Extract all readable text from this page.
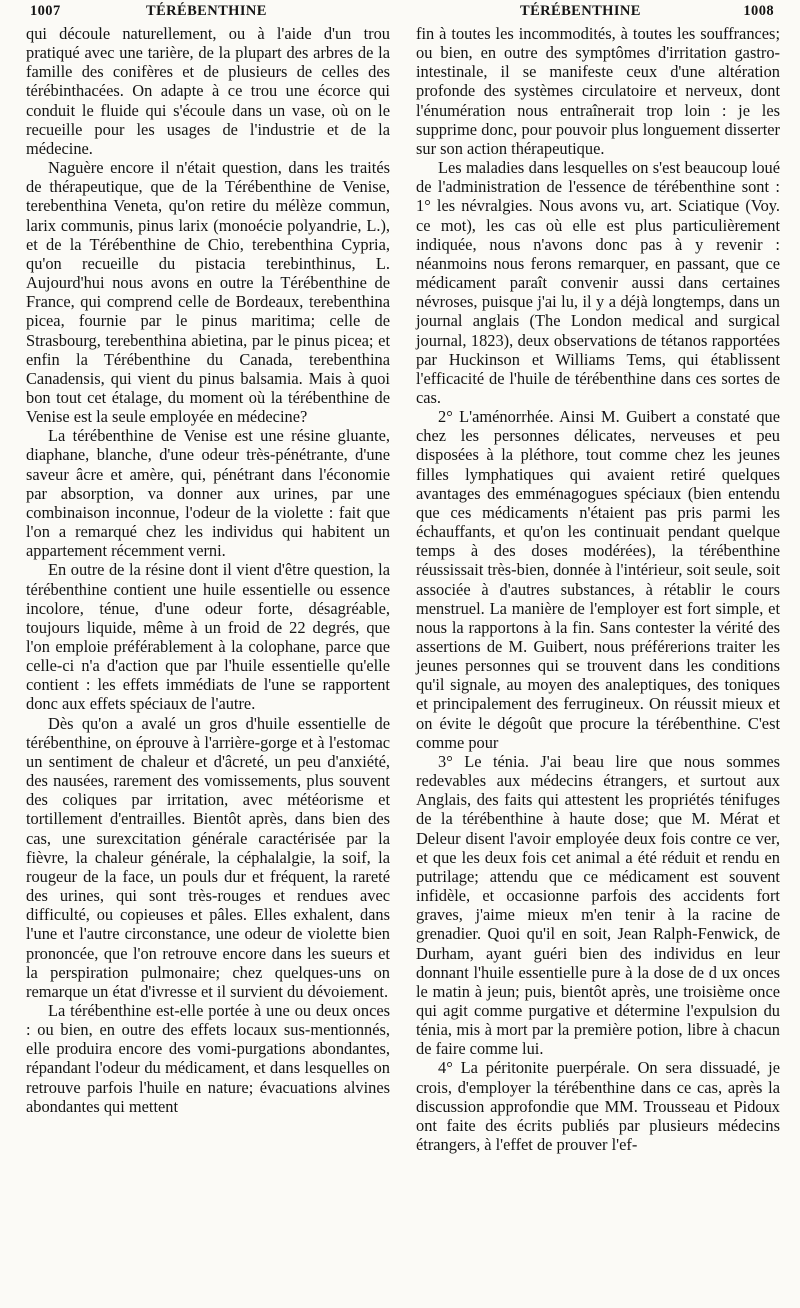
1007	TÉRÉBENTHINE	TÉRÉBENTHINE	1008

qui découle naturellement, ou à l'aide d'un trou pratiqué avec une tarière, de la plupart des arbres de la famille des conifères et de plusieurs de celles des térébinthacées. On adapte à ce trou une écorce qui conduit le fluide qui s'écoule dans un vase, où on le recueille pour les usages de l'industrie et de la médecine.

Naguère encore il n'était question, dans les traités de thérapeutique, que de la Térébenthine de Venise, terebenthina Veneta, qu'on retire du mélèze commun, larix communis, pinus larix (monoécie polyandrie, L.), et de la Térébenthine de Chio, terebenthina Cypria, qu'on recueille du pistacia terebinthinus, L. Aujourd'hui nous avons en outre la Térébenthine de France, qui comprend celle de Bordeaux, terebenthina picea, fournie par le pinus maritima; celle de Strasbourg, terebenthina abietina, par le pinus picea; et enfin la Térébenthine du Canada, terebenthina Canadensis, qui vient du pinus balsamia. Mais à quoi bon tout cet étalage, du moment où la térébenthine de Venise est la seule employée en médecine?

La térébenthine de Venise est une résine gluante, diaphane, blanche, d'une odeur très-pénétrante, d'une saveur âcre et amère, qui, pénétrant dans l'économie par absorption, va donner aux urines, par une combinaison inconnue, l'odeur de la violette : fait que l'on a remarqué chez les individus qui habitent un appartement récemment verni.

En outre de la résine dont il vient d'être question, la térébenthine contient une huile essentielle ou essence incolore, ténue, d'une odeur forte, désagréable, toujours liquide, même à un froid de 22 degrés, que l'on emploie préférablement à la colophane, parce que celle-ci n'a d'action que par l'huile essentielle qu'elle contient : les effets immédiats de l'une se rapportent donc aux effets spéciaux de l'autre.

Dès qu'on a avalé un gros d'huile essentielle de térébenthine, on éprouve à l'arrière-gorge et à l'estomac un sentiment de chaleur et d'âcreté, un peu d'anxiété, des nausées, rarement des vomissements, plus souvent des coliques par irritation, avec météorisme et tortillement d'entrailles. Bientôt après, dans bien des cas, une surexcitation générale caractérisée par la fièvre, la chaleur générale, la céphalalgie, la soif, la rougeur de la face, un pouls dur et fréquent, la rareté des urines, qui sont très-rouges et rendues avec difficulté, ou copieuses et pâles. Elles exhalent, dans l'une et l'autre circonstance, une odeur de violette bien prononcée, que l'on retrouve encore dans les sueurs et la perspiration pulmonaire; chez quelques-uns on remarque un état d'ivresse et il survient du dévoiement.

La térébenthine est-elle portée à une ou deux onces : ou bien, en outre des effets locaux sus-mentionnés, elle produira encore des vomi-purgations abondantes, répandant l'odeur du médicament, et dans lesquelles on retrouve parfois l'huile en nature; évacuations alvines abondantes qui mettent

fin à toutes les incommodités, à toutes les souffrances; ou bien, en outre des symptômes d'irritation gastro-intestinale, il se manifeste ceux d'une altération profonde des systèmes circulatoire et nerveux, dont l'énumération nous entraînerait trop loin : je les supprime donc, pour pouvoir plus longuement disserter sur son action thérapeutique.

Les maladies dans lesquelles on s'est beaucoup loué de l'administration de l'essence de térébenthine sont : 1° les névralgies. Nous avons vu, art. Sciatique (Voy. ce mot), les cas où elle est plus particulièrement indiquée, nous n'avons donc pas à y revenir : néanmoins nous ferons remarquer, en passant, que ce médicament paraît convenir aussi dans certaines névroses, puisque j'ai lu, il y a déjà longtemps, dans un journal anglais (The London medical and surgical journal, 1823), deux observations de tétanos rapportées par Huckinson et Williams Tems, qui établissent l'efficacité de l'huile de térébenthine dans ces sortes de cas.

2° L'aménorrhée. Ainsi M. Guibert a constaté que chez les personnes délicates, nerveuses et peu disposées à la pléthore, tout comme chez les jeunes filles lymphatiques qui avaient retiré quelques avantages des emménagogues spéciaux (bien entendu que ces médicaments n'étaient pas pris parmi les échauffants, et qu'on les continuait pendant quelque temps à des doses modérées), la térébenthine réussissait très-bien, donnée à l'intérieur, soit seule, soit associée à d'autres substances, à rétablir le cours menstruel. La manière de l'employer est fort simple, et nous la rapportons à la fin. Sans contester la vérité des assertions de M. Guibert, nous préférerions traiter les jeunes personnes qui se trouvent dans les conditions qu'il signale, au moyen des analeptiques, des toniques et principalement des ferrugineux. On réussit mieux et on évite le dégoût que procure la térébenthine. C'est comme pour

3° Le ténia. J'ai beau lire que nous sommes redevables aux médecins étrangers, et surtout aux Anglais, des faits qui attestent les propriétés ténifuges de la térébenthine à haute dose; que M. Mérat et Deleur disent l'avoir employée deux fois contre ce ver, et que les deux fois cet animal a été réduit et rendu en putrilage; attendu que ce médicament est souvent infidèle, et occasionne parfois des accidents fort graves, j'aime mieux m'en tenir à la racine de grenadier. Quoi qu'il en soit, Jean Ralph-Fenwick, de Durham, ayant guéri bien des individus en leur donnant l'huile essentielle pure à la dose de d ux onces le matin à jeun; puis, bientôt après, une troisième once qui agit comme purgative et détermine l'expulsion du ténia, mis à mort par la première potion, libre à chacun de faire comme lui.

4° La péritonite puerpérale. On sera dissuadé, je crois, d'employer la térébenthine dans ce cas, après la discussion approfondie que MM. Trousseau et Pidoux ont faite des écrits publiés par plusieurs médecins étrangers, à l'effet de prouver l'ef-
